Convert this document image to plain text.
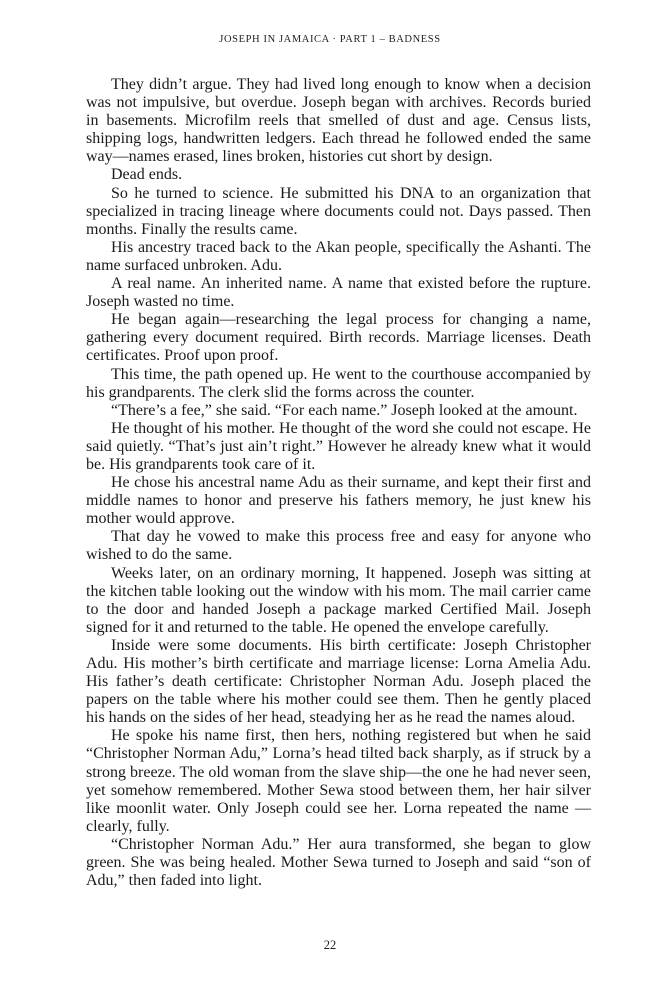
JOSEPH IN JAMAICA · PART 1 – BADNESS

They didn’t argue. They had lived long enough to know when a decision was not impulsive, but overdue. Joseph began with archives. Records buried in basements. Microfilm reels that smelled of dust and age. Census lists, shipping logs, handwritten ledgers. Each thread he followed ended the same way—names erased, lines broken, histories cut short by design.

Dead ends.

So he turned to science. He submitted his DNA to an organization that specialized in tracing lineage where documents could not. Days passed. Then months. Finally the results came.

His ancestry traced back to the Akan people, specifically the Ashanti. The name surfaced unbroken. Adu.

A real name. An inherited name. A name that existed before the rupture. Joseph wasted no time.

He began again—researching the legal process for changing a name, gathering every document required. Birth records. Marriage licenses. Death certificates. Proof upon proof.

This time, the path opened up. He went to the courthouse accompanied by his grandparents. The clerk slid the forms across the counter.

“There’s a fee,” she said. “For each name.” Joseph looked at the amount.

He thought of his mother. He thought of the word she could not escape. He said quietly. “That’s just ain’t right.” However he already knew what it would be. His grandparents took care of it.

He chose his ancestral name Adu as their surname, and kept their first and middle names to honor and preserve his fathers memory, he just knew his mother would approve.

That day he vowed to make this process free and easy for anyone who wished to do the same.

Weeks later, on an ordinary morning, It happened. Joseph was sitting at the kitchen table looking out the window with his mom. The mail carrier came to the door and handed Joseph a package marked Certified Mail. Joseph signed for it and returned to the table. He opened the envelope carefully.

Inside were some documents. His birth certificate: Joseph Christopher Adu. His mother’s birth certificate and marriage license: Lorna Amelia Adu. His father’s death certificate: Christopher Norman Adu. Joseph placed the papers on the table where his mother could see them. Then he gently placed his hands on the sides of her head, steadying her as he read the names aloud.

He spoke his name first, then hers, nothing registered but when he said “Christopher Norman Adu,” Lorna’s head tilted back sharply, as if struck by a strong breeze. The old woman from the slave ship—the one he had never seen, yet somehow remembered. Mother Sewa stood between them, her hair silver like moonlit water. Only Joseph could see her. Lorna repeated the name —clearly, fully.

“Christopher Norman Adu.” Her aura transformed, she began to glow green. She was being healed. Mother Sewa turned to Joseph and said “son of Adu,” then faded into light.

22
